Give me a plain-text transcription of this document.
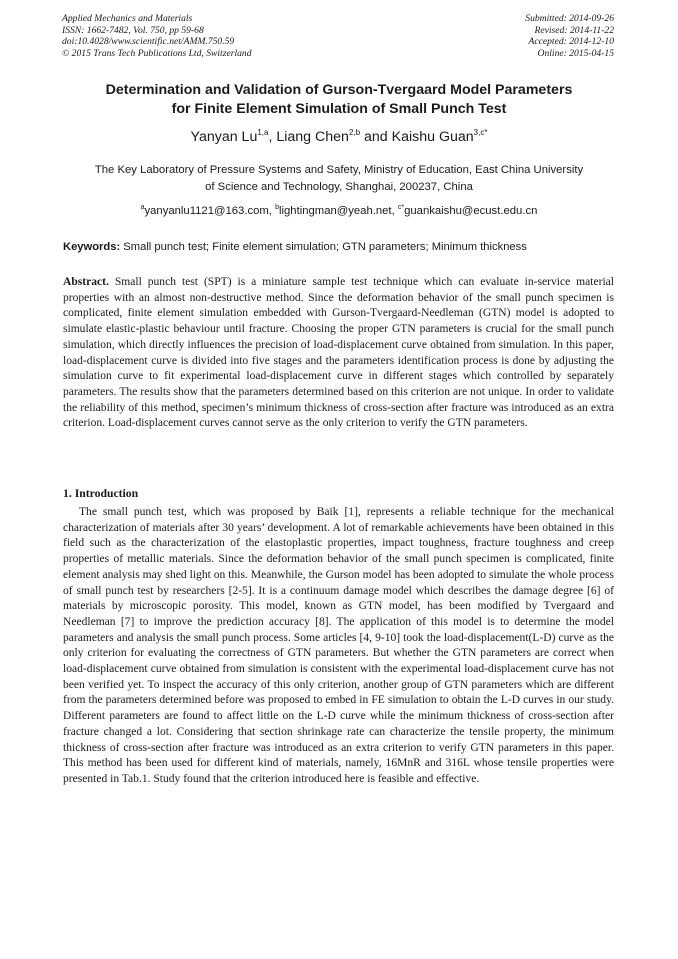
Applied Mechanics and Materials
ISSN: 1662-7482, Vol. 750, pp 59-68
doi:10.4028/www.scientific.net/AMM.750.59
© 2015 Trans Tech Publications Ltd, Switzerland
Submitted: 2014-09-26
Revised: 2014-11-22
Accepted: 2014-12-10
Online: 2015-04-15
Determination and Validation of Gurson-Tvergaard Model Parameters
for Finite Element Simulation of Small Punch Test
Yanyan Lu$^{1,a}$, Liang Chen$^{2,b}$ and Kaishu Guan$^{3,c*}$
The Key Laboratory of Pressure Systems and Safety, Ministry of Education, East China University
of Science and Technology, Shanghai, 200237, China
$^a$yanyanlu1121@163.com, $^b$lightingman@yeah.net, $^{c*}$guankaishu@ecust.edu.cn
Keywords: Small punch test; Finite element simulation; GTN parameters; Minimum thickness

Abstract. Small punch test (SPT) is a miniature sample test technique which can evaluate in-service material properties with an almost non-destructive method. Since the deformation behavior of the small punch specimen is complicated, finite element simulation embedded with Gurson-Tvergaard-Needleman (GTN) model is adopted to simulate elastic-plastic behaviour until fracture. Choosing the proper GTN parameters is crucial for the small punch simulation, which directly influences the precision of load-displacement curve obtained from simulation. In this paper, load-displacement curve is divided into five stages and the parameters identification process is done by adjusting the simulation curve to fit experimental load-displacement curve in different stages which controlled by separately parameters. The results show that the parameters determined based on this criterion are not unique. In order to validate the reliability of this method, specimen’s minimum thickness of cross-section after fracture was introduced as an extra criterion. Load-displacement curves cannot serve as the only criterion to verify the GTN parameters.

1. Introduction

The small punch test, which was proposed by Baik [1], represents a reliable technique for the mechanical characterization of materials after 30 years’ development. A lot of remarkable achievements have been obtained in this field such as the characterization of the elastoplastic properties, impact toughness, fracture toughness and creep properties of metallic materials. Since the deformation behavior of the small punch specimen is complicated, finite element analysis may shed light on this. Meanwhile, the Gurson model has been adopted to simulate the whole process of small punch test by researchers [2-5]. It is a continuum damage model which describes the damage degree [6] of materials by microscopic porosity. This model, known as GTN model, has been modified by Tvergaard and Needleman [7] to improve the prediction accuracy [8]. The application of this model is to determine the model parameters and analysis the small punch process. Some articles [4, 9-10] took the load-displacement(L-D) curve as the only criterion for evaluating the correctness of GTN parameters. But whether the GTN parameters are correct when load-displacement curve obtained from simulation is consistent with the experimental load-displacement curve has not been verified yet. To inspect the accuracy of this only criterion, another group of GTN parameters which are different from the parameters determined before was proposed to embed in FE simulation to obtain the L-D curves in our study. Different parameters are found to affect little on the L-D curve while the minimum thickness of cross-section after fracture changed a lot. Considering that section shrinkage rate can characterize the tensile property, the minimum thickness of cross-section after fracture was introduced as an extra criterion to verify GTN parameters in this paper. This method has been used for different kind of materials, namely, 16MnR and 316L whose tensile properties were presented in Tab.1. Study found that the criterion introduced here is feasible and effective.
